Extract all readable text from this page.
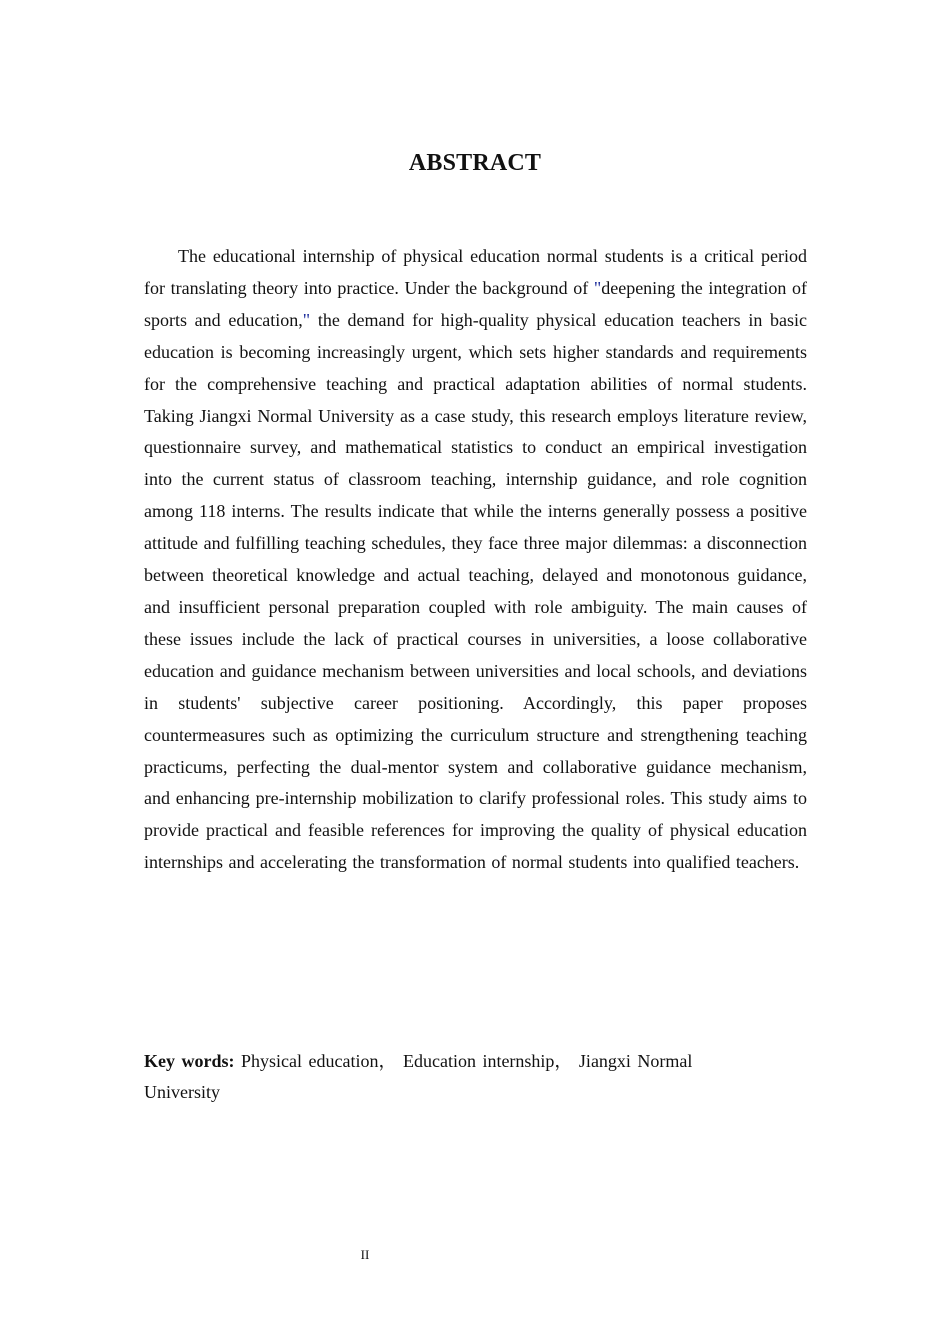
ABSTRACT

The educational internship of physical education normal students is a critical period for translating theory into practice. Under the background of "deepening the integration of sports and education," the demand for high-quality physical education teachers in basic education is becoming increasingly urgent, which sets higher standards and requirements for the comprehensive teaching and practical adaptation abilities of normal students. Taking Jiangxi Normal University as a case study, this research employs literature review, questionnaire survey, and mathematical statistics to conduct an empirical investigation into the current status of classroom teaching, internship guidance, and role cognition among 118 interns. The results indicate that while the interns generally possess a positive attitude and fulfilling teaching schedules, they face three major dilemmas: a disconnection between theoretical knowledge and actual teaching, delayed and monotonous guidance, and insufficient personal preparation coupled with role ambiguity. The main causes of these issues include the lack of practical courses in universities, a loose collaborative education and guidance mechanism between universities and local schools, and deviations in students' subjective career positioning. Accordingly, this paper proposes countermeasures such as optimizing the curriculum structure and strengthening teaching practicums, perfecting the dual-mentor system and collaborative guidance mechanism, and enhancing pre-internship mobilization to clarify professional roles. This study aims to provide practical and feasible references for improving the quality of physical education internships and accelerating the transformation of normal students into qualified teachers.

Key words: Physical education， Education internship， Jiangxi Normal University

II
